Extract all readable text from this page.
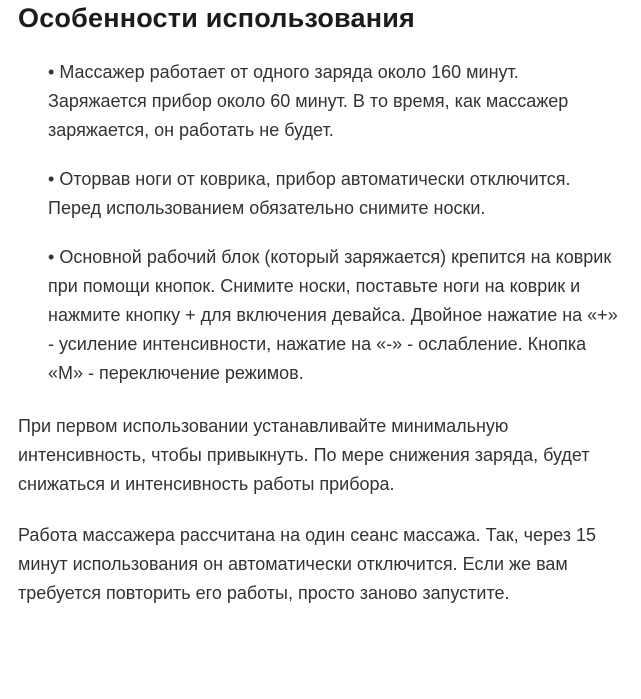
Особенности использования
• Массажер работает от одного заряда около 160 минут. Заряжается прибор около 60 минут. В то время, как массажер заряжается, он работать не будет.
• Оторвав ноги от коврика, прибор автоматически отключится. Перед использованием обязательно снимите носки.
• Основной рабочий блок (который заряжается) крепится на коврик при помощи кнопок. Снимите носки, поставьте ноги на коврик и нажмите кнопку + для включения девайса. Двойное нажатие на «+» - усиление интенсивности, нажатие на «-» - ослабление. Кнопка «М» - переключение режимов.

При первом использовании устанавливайте минимальную интенсивность, чтобы привыкнуть. По мере снижения заряда, будет снижаться и интенсивность работы прибора.

Работа массажера рассчитана на один сеанс массажа. Так, через 15 минут использования он автоматически отключится. Если же вам требуется повторить его работы, просто заново запустите.
